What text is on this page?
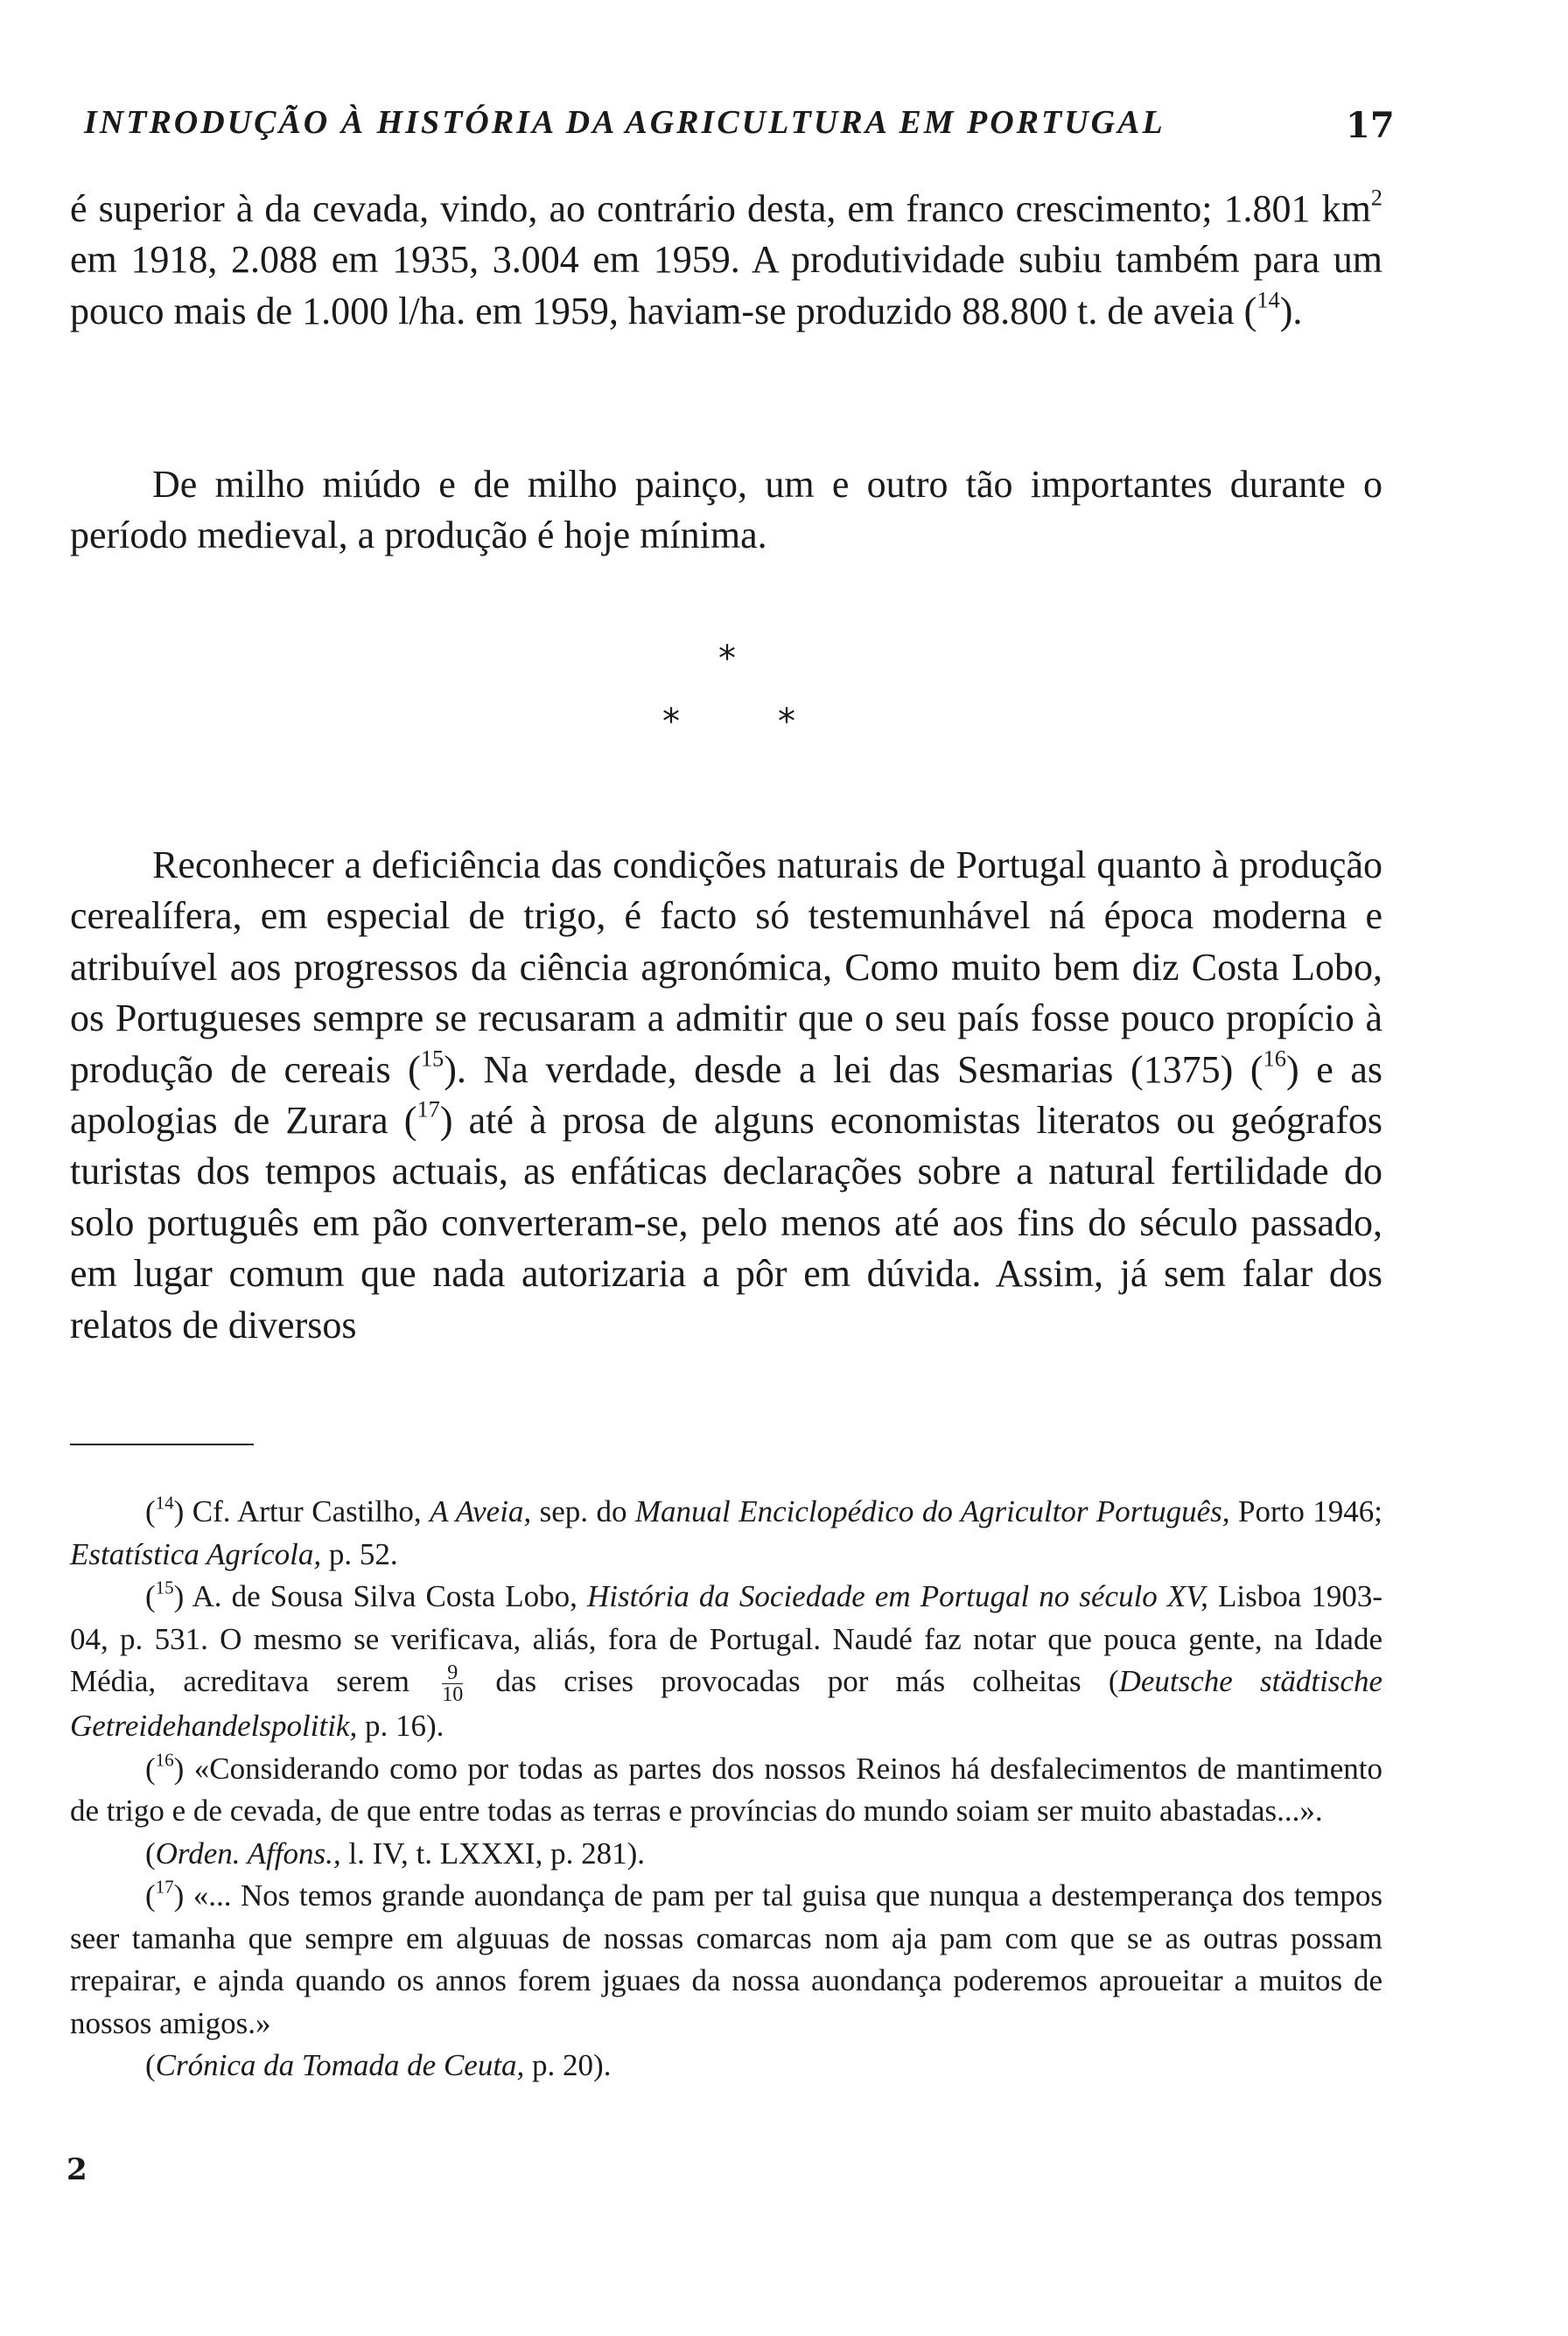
INTRODUÇÃO À HISTÓRIA DA AGRICULTURA EM PORTUGAL	17

é superior à da cevada, vindo, ao contrário desta, em franco crescimento; 1.801 $km^2$ em 1918, 2.088 em 1935, 3.004 em 1959. A produtividade subiu também para um pouco mais de 1.000 l/ha. em 1959, haviam-se produzido 88.800 t. de aveia ($^{14}$).

De milho miúdo e de milho painço, um e outro tão importantes durante o período medieval, a produção é hoje mínima.

*
*	*

Reconhecer a deficiência das condições naturais de Portugal quanto à produção cerealífera, em especial de trigo, é facto só testemunhável ná época moderna e atribuível aos progressos da ciência agronómica, Como muito bem diz Costa Lobo, os Portugueses sempre se recusaram a admitir que o seu país fosse pouco propício à produção de cereais ($^{15}$). Na verdade, desde a lei das Sesmarias (1375) ($^{16}$) e as apologias de Zurara ($^{17}$) até à prosa de alguns economistas literatos ou geógrafos turistas dos tempos actuais, as enfáticas declarações sobre a natural fertilidade do solo português em pão converteram-se, pelo menos até aos fins do século passado, em lugar comum que nada autorizaria a pôr em dúvida. Assim, já sem falar dos relatos de diversos

($^{14}$) Cf. Artur Castilho, A Aveia, sep. do Manual Enciclopédico do Agricultor Português, Porto 1946; Estatística Agrícola, p. 52.

($^{15}$) A. de Sousa Silva Costa Lobo, História da Sociedade em Portugal no século XV, Lisboa 1903-04, p. 531. O mesmo se verificava, aliás, fora de Portugal. Naudé faz notar que pouca gente, na Idade Média, acreditava serem $\frac{9}{10}$ das crises provocadas por más colheitas (Deutsche städtische Getreidehandelspolitik, p. 16).

($^{16}$) «Considerando como por todas as partes dos nossos Reinos há desfalecimentos de mantimento de trigo e de cevada, de que entre todas as terras e províncias do mundo soiam ser muito abastadas...».

(Orden. Affons., l. IV, t. LXXXI, p. 281).

($^{17}$) «... Nos temos grande auondança de pam per tal guisa que nunqua a destemperança dos tempos seer tamanha que sempre em alguuas de nossas comarcas nom aja pam com que se as outras possam rrepairar, e ajnda quando os annos forem jguaes da nossa auondança poderemos aproueitar a muitos de nossos amigos.»

(Crónica da Tomada de Ceuta, p. 20).

2
